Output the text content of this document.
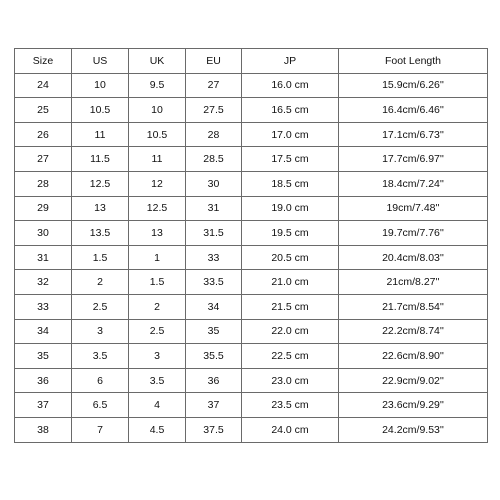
Size	US	UK	EU	JP	Foot Length
24	10	9.5	27	16.0 cm	15.9cm/6.26''
25	10.5	10	27.5	16.5 cm	16.4cm/6.46''
26	11	10.5	28	17.0 cm	17.1cm/6.73''
27	11.5	11	28.5	17.5 cm	17.7cm/6.97''
28	12.5	12	30	18.5 cm	18.4cm/7.24''
29	13	12.5	31	19.0 cm	19cm/7.48''
30	13.5	13	31.5	19.5 cm	19.7cm/7.76''
31	1.5	1	33	20.5 cm	20.4cm/8.03''
32	2	1.5	33.5	21.0 cm	21cm/8.27''
33	2.5	2	34	21.5 cm	21.7cm/8.54''
34	3	2.5	35	22.0 cm	22.2cm/8.74''
35	3.5	3	35.5	22.5 cm	22.6cm/8.90''
36	6	3.5	36	23.0 cm	22.9cm/9.02''
37	6.5	4	37	23.5 cm	23.6cm/9.29''
38	7	4.5	37.5	24.0 cm	24.2cm/9.53''
